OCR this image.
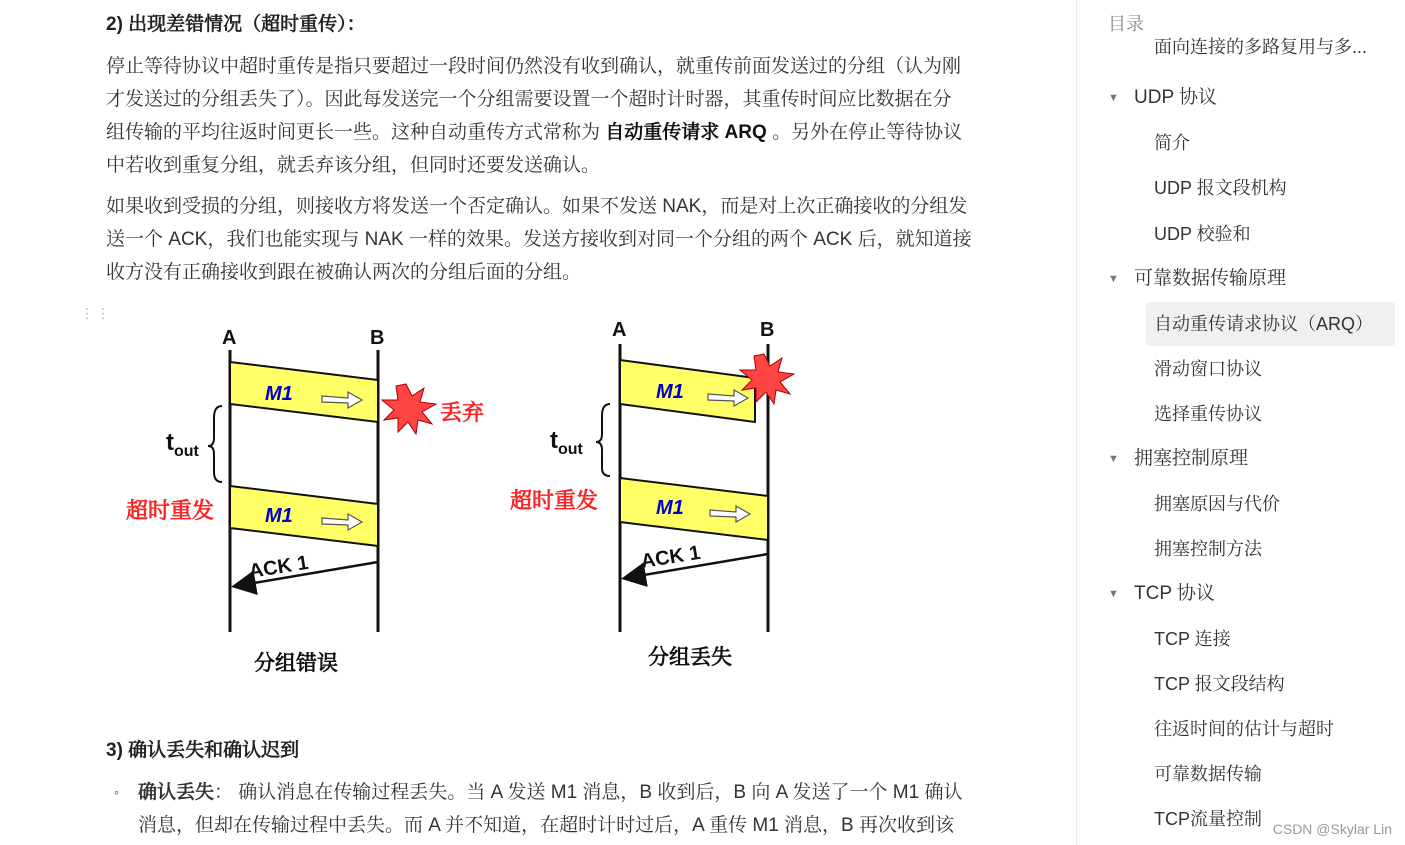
2) 出现差错情况（超时重传）：
停止等待协议中超时重传是指只要超过一段时间仍然没有收到确认，就重传前面发送过的分组（认为刚
才发送过的分组丢失了）。因此每发送完一个分组需要设置一个超时计时器，其重传时间应比数据在分
组传输的平均往返时间更长一些。这种自动重传方式常称为 自动重传请求 ARQ 。另外在停止等待协议
中若收到重复分组，就丢弃该分组，但同时还要发送确认。
如果收到受损的分组，则接收方将发送一个否定确认。如果不发送 NAK，而是对上次正确接收的分组发
送一个 ACK，我们也能实现与 NAK 一样的效果。发送方接收到对同一个分组的两个 ACK 后，就知道接
收方没有正确接收到跟在被确认两次的分组后面的分组。
⋮⋮
A	B
M1
丢弃
$t_{out}$
M1
超时重发
ACK 1
分组错误
A	B
M1
$t_{out}$
M1
超时重发
ACK 1
分组丢失
3) 确认丢失和确认迟到
◦ 确认丢失： 确认消息在传输过程丢失。当 A 发送 M1 消息，B 收到后，B 向 A 发送了一个 M1 确认
消息，但却在传输过程中丢失。而 A 并不知道，在超时计时过后，A 重传 M1 消息，B 再次收到该
目录
面向连接的多路复用与多...
▼ UDP 协议
简介
UDP 报文段机构
UDP 校验和
▼ 可靠数据传输原理
自动重传请求协议（ARQ）
滑动窗口协议
选择重传协议
▼ 拥塞控制原理
拥塞原因与代价
拥塞控制方法
▼ TCP 协议
TCP 连接
TCP 报文段结构
往返时间的估计与超时
可靠数据传输
TCP流量控制 CSDN @Skylar Lin
